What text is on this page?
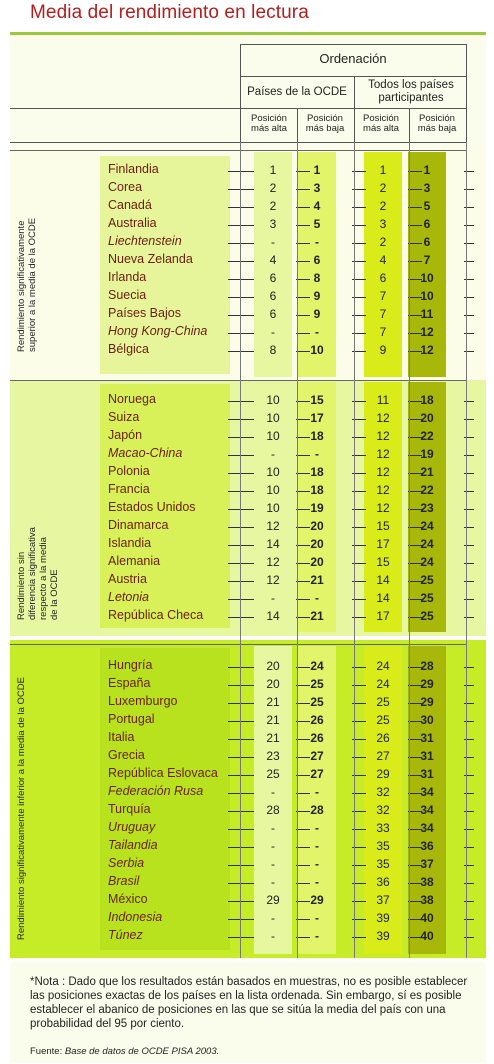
Media del rendimiento en lectura
Ordenación
Países de la OCDE
Todos los países participantes
Posición más alta
Posición más baja
Posición más alta
Posición más baja
Finlandia	1	1	1	1
Corea	2	3	2	3
Canadá	2	4	2	5
Australia	3	5	3	6
Liechtenstein	-	-	2	6
Nueva Zelanda	4	6	4	7
Irlanda	6	8	6	10
Suecia	6	9	7	10
Países Bajos	6	9	7	11
Hong Kong-China	-	-	7	12
Bélgica	8	10	9	12
Noruega	10	15	11	18
Suiza	10	17	12	20
Japón	10	18	12	22
Macao-China	-	-	12	19
Polonia	10	18	12	21
Francia	10	18	12	22
Estados Unidos	10	19	12	23
Dinamarca	12	20	15	24
Islandia	14	20	17	24
Alemania	12	20	15	24
Austria	12	21	14	25
Letonia	-	-	14	25
República Checa	14	21	17	25
Hungría	20	24	24	28
España	20	25	24	29
Luxemburgo	21	25	25	29
Portugal	21	26	25	30
Italia	21	26	26	31
Grecia	23	27	27	31
República Eslovaca	25	27	29	31
Federación Rusa	-	-	32	34
Turquía	28	28	32	34
Uruguay	-	-	33	34
Tailandia	-	-	35	36
Serbia	-	-	35	37
Brasil	-	-	36	38
México	29	29	37	38
Indonesia	-	-	39	40
Túnez	-	-	39	40
Rendimiento significativamente
superior a la media de la OCDE
Rendimiento sin
diferencia significativa
respecto a la media
de la OCDE
Rendimiento significativamente inferior a la media de la OCDE
*Nota : Dado que los resultados están basados en muestras, no es posible establecer las posiciones exactas de los países en la lista ordenada. Sin embargo, sí es posible establecer el abanico de posiciones en las que se sitúa la media del país con una probabilidad del 95 por ciento.
Fuente: Base de datos de OCDE PISA 2003.
